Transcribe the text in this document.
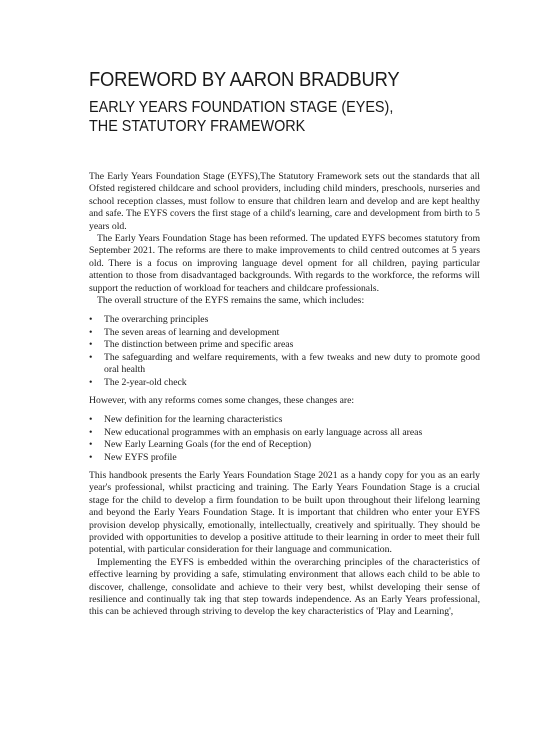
FOREWORD BY AARON BRADBURY
EARLY YEARS FOUNDATION STAGE (EYES),
THE STATUTORY FRAMEWORK

The Early Years Foundation Stage (EYFS),The Statutory Framework sets out the standards that all Ofsted registered childcare and school providers, including child minders, preschools, nurseries and school reception classes, must follow to ensure that children learn and develop and are kept healthy and safe. The EYFS covers the first stage of a child's learning, care and development from birth to 5 years old.

The Early Years Foundation Stage has been reformed. The updated EYFS becomes statutory from September 2021. The reforms are there to make improvements to child centred outcomes at 5 years old. There is a focus on improving language devel opment for all children, paying particular attention to those from disadvantaged backgrounds. With regards to the workforce, the reforms will support the reduction of workload for teachers and childcare professionals.

The overall structure of the EYFS remains the same, which includes:

• The overarching principles
• The seven areas of learning and development
• The distinction between prime and specific areas
• The safeguarding and welfare requirements, with a few tweaks and new duty to promote good oral health
• The 2-year-old check

However, with any reforms comes some changes, these changes are:

• New definition for the learning characteristics
• New educational programmes with an emphasis on early language across all areas
• New Early Learning Goals (for the end of Reception)
• New EYFS profile

This handbook presents the Early Years Foundation Stage 2021 as a handy copy for you as an early year's professional, whilst practicing and training. The Early Years Foundation Stage is a crucial stage for the child to develop a firm foundation to be built upon throughout their lifelong learning and beyond the Early Years Foundation Stage. It is important that children who enter your EYFS provision develop physically, emotionally, intellectually, creatively and spiritually. They should be provided with opportunities to develop a positive attitude to their learning in order to meet their full potential, with particular consideration for their language and communication.

Implementing the EYFS is embedded within the overarching principles of the characteristics of effective learning by providing a safe, stimulating environment that allows each child to be able to discover, challenge, consolidate and achieve to their very best, whilst developing their sense of resilience and continually tak ing that step towards independence. As an Early Years professional, this can be achieved through striving to develop the key characteristics of 'Play and Learning',
